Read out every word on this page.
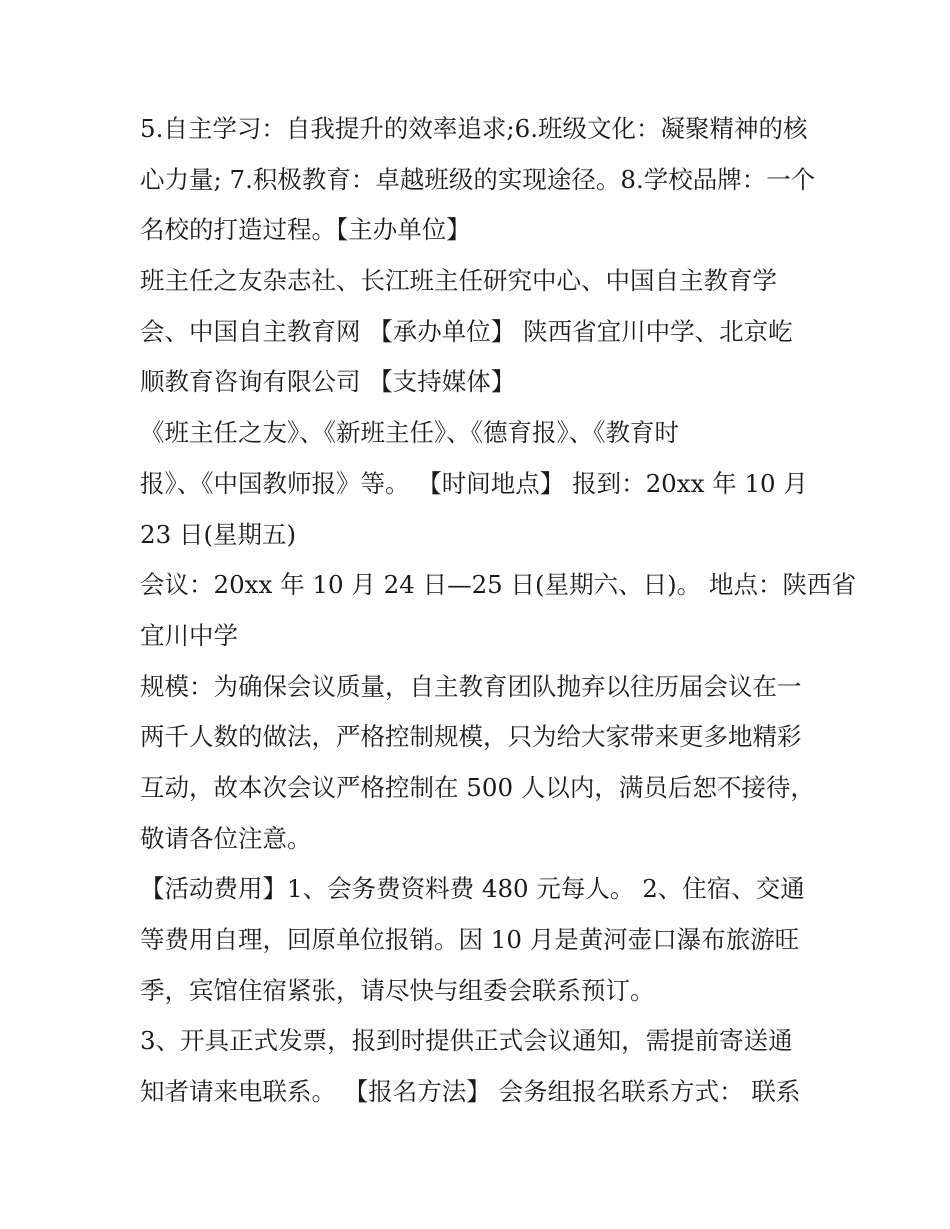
5.自主学习：自我提升的效率追求;6.班级文化：凝聚精神的核

心力量; 7.积极教育：卓越班级的实现途径。8.学校品牌：一个

名校的打造过程。【主办单位】

班主任之友杂志社、长江班主任研究中心、中国自主教育学

会、中国自主教育网 【承办单位】 陕西省宜川中学、北京屹

顺教育咨询有限公司 【支持媒体】

《班主任之友》、《新班主任》、《德育报》、《教育时

报》、《中国教师报》等。 【时间地点】 报到：20xx 年 10 月

23 日(星期五)

会议：20xx 年 10 月 24 日—25 日(星期六、日)。 地点：陕西省

宜川中学

规模：为确保会议质量，自主教育团队抛弃以往历届会议在一

两千人数的做法，严格控制规模，只为给大家带来更多地精彩

互动，故本次会议严格控制在 500 人以内，满员后恕不接待，

敬请各位注意。

【活动费用】1、会务费资料费 480 元每人。 2、住宿、交通

等费用自理，回原单位报销。因 10 月是黄河壶口瀑布旅游旺

季，宾馆住宿紧张，请尽快与组委会联系预订。

3、开具正式发票，报到时提供正式会议通知，需提前寄送通

知者请来电联系。 【报名方法】 会务组报名联系方式： 联系
